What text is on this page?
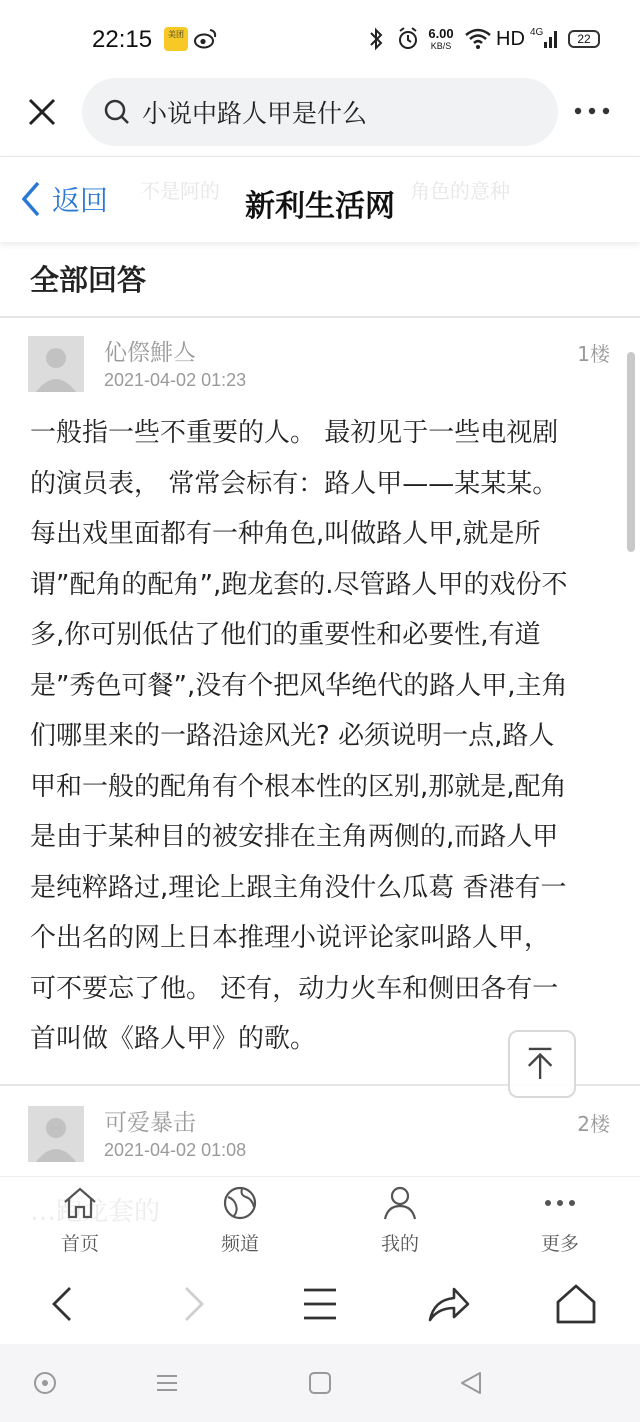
22:15	美团	6.00
KB/S	HD 4G	22
小说中路人甲是什么
不是阿的	角色的意种
返回	新利生活网
全部回答
伈傺鯡亼
2021-04-02 01:23
1楼
一般指一些不重要的人。 最初见于一些电视剧
的演员表， 常常会标有：路人甲——某某某。
每出戏里面都有一种角色,叫做路人甲,就是所
谓”配角的配角”,跑龙套的.尽管路人甲的戏份不
多,你可别低估了他们的重要性和必要性,有道
是”秀色可餐”,没有个把风华绝代的路人甲,主角
们哪里来的一路沿途风光? 必须说明一点,路人
甲和一般的配角有个根本性的区别,那就是,配角
是由于某种目的被安排在主角两侧的,而路人甲
是纯粹路过,理论上跟主角没什么瓜葛 香港有一
个出名的网上日本推理小说评论家叫路人甲，
可不要忘了他。 还有，动力火车和侧田各有一
首叫做《路人甲》的歌。
可爱暴击
2021-04-02 01:08
2楼
…跑龙套的
首页	频道	我的	更多
